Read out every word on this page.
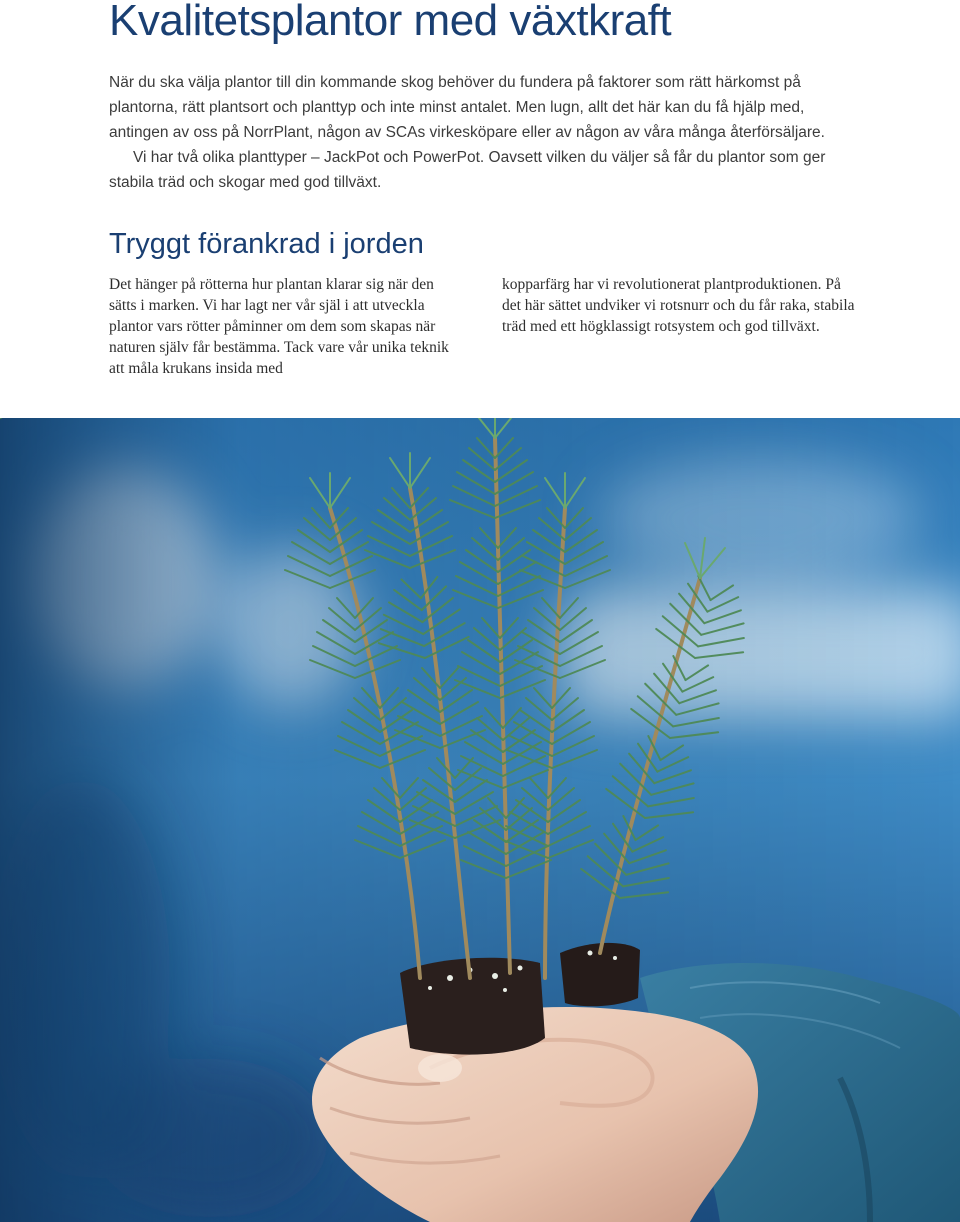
Kvalitetsplantor med växtkraft

När du ska välja plantor till din kommande skog behöver du fundera på faktorer som rätt härkomst på plantorna, rätt plantsort och planttyp och inte minst antalet. Men lugn, allt det här kan du få hjälp med, antingen av oss på NorrPlant, någon av SCAs virkesköpare eller av någon av våra många återförsäljare.

Vi har två olika planttyper – JackPot och PowerPot. Oavsett vilken du väljer så får du plantor som ger stabila träd och skogar med god tillväxt.

Tryggt förankrad i jorden

Det hänger på rötterna hur plantan klarar sig när den sätts i marken. Vi har lagt ner vår själ i att utveckla plantor vars rötter påminner om dem som skapas när naturen själv får bestämma. Tack vare vår unika teknik att måla krukans insida med

kopparfärg har vi revolutionerat plantproduktionen. På det här sättet undviker vi rotsnurr och du får raka, stabila träd med ett högklassigt rotsystem och god tillväxt.
